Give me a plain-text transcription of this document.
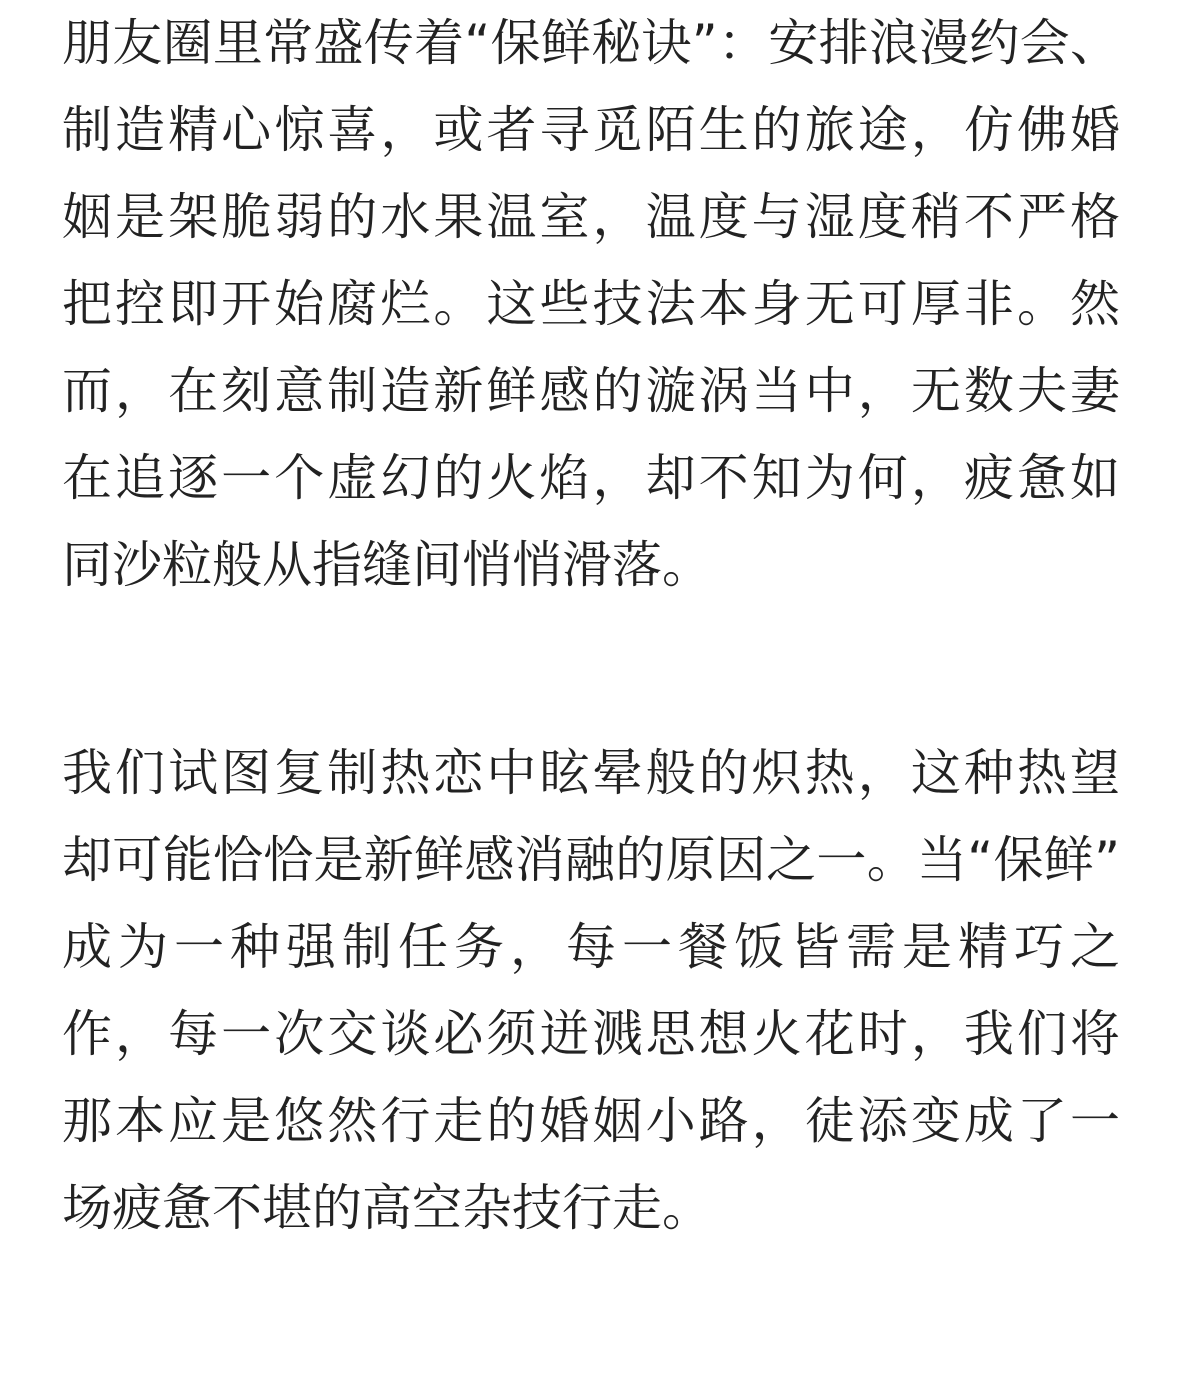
朋友圈里常盛传着“保鲜秘诀”：安排浪漫约会、
制造精心惊喜，或者寻觅陌生的旅途，仿佛婚
姻是架脆弱的水果温室，温度与湿度稍不严格
把控即开始腐烂。这些技法本身无可厚非。然
而，在刻意制造新鲜感的漩涡当中，无数夫妻
在追逐一个虚幻的火焰，却不知为何，疲惫如
同沙粒般从指缝间悄悄滑落。
我们试图复制热恋中眩晕般的炽热，这种热望
却可能恰恰是新鲜感消融的原因之一。当“保鲜”
成为一种强制任务，每一餐饭皆需是精巧之
作，每一次交谈必须迸溅思想火花时，我们将
那本应是悠然行走的婚姻小路，徒添变成了一
场疲惫不堪的高空杂技行走。
